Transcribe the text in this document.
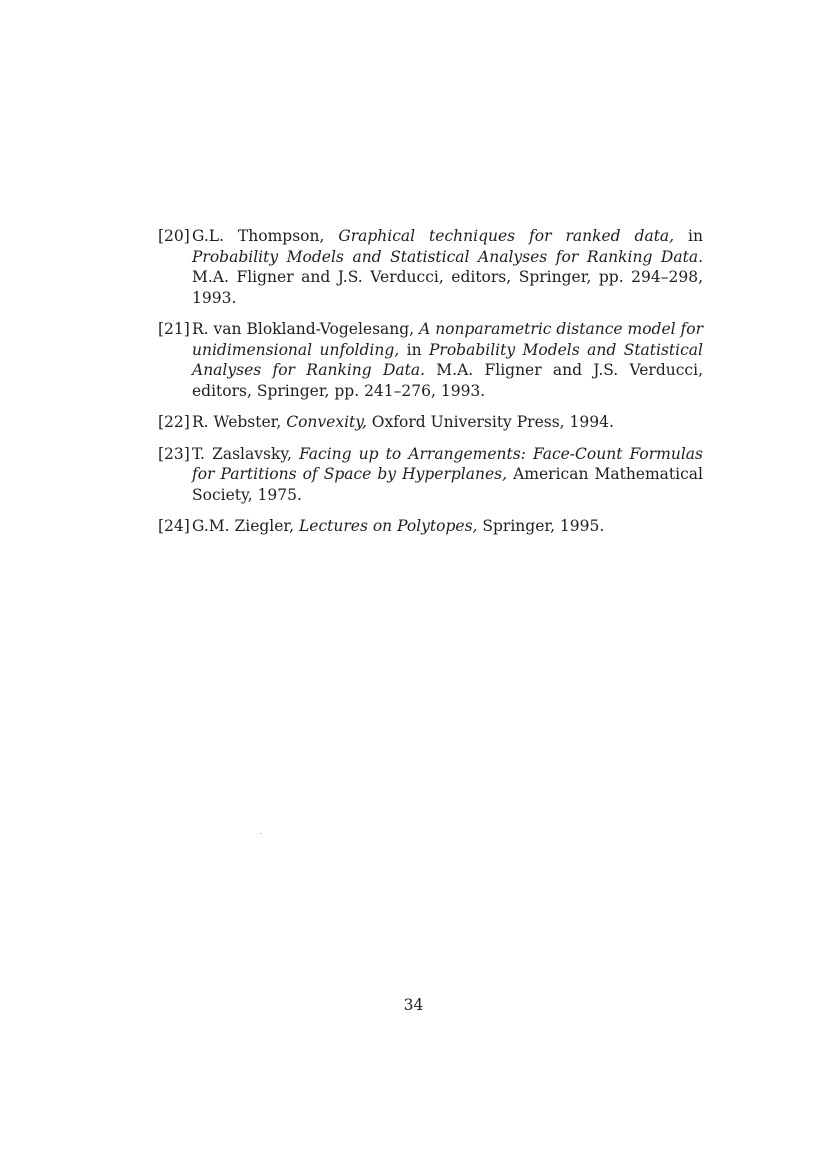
[20] G.L. Thompson, Graphical techniques for ranked data, in Probability Models and Statistical Analyses for Ranking Data. M.A. Fligner and J.S. Verducci, editors, Springer, pp. 294–298, 1993.
[21] R. van Blokland-Vogelesang, A nonparametric distance model for unidimensional unfolding, in Probability Models and Statistical Analyses for Ranking Data. M.A. Fligner and J.S. Verducci, editors, Springer, pp. 241–276, 1993.
[22] R. Webster, Convexity, Oxford University Press, 1994.
[23] T. Zaslavsky, Facing up to Arrangements: Face-Count Formulas for Partitions of Space by Hyperplanes, American Mathematical Society, 1975.
[24] G.M. Ziegler, Lectures on Polytopes, Springer, 1995.
34
